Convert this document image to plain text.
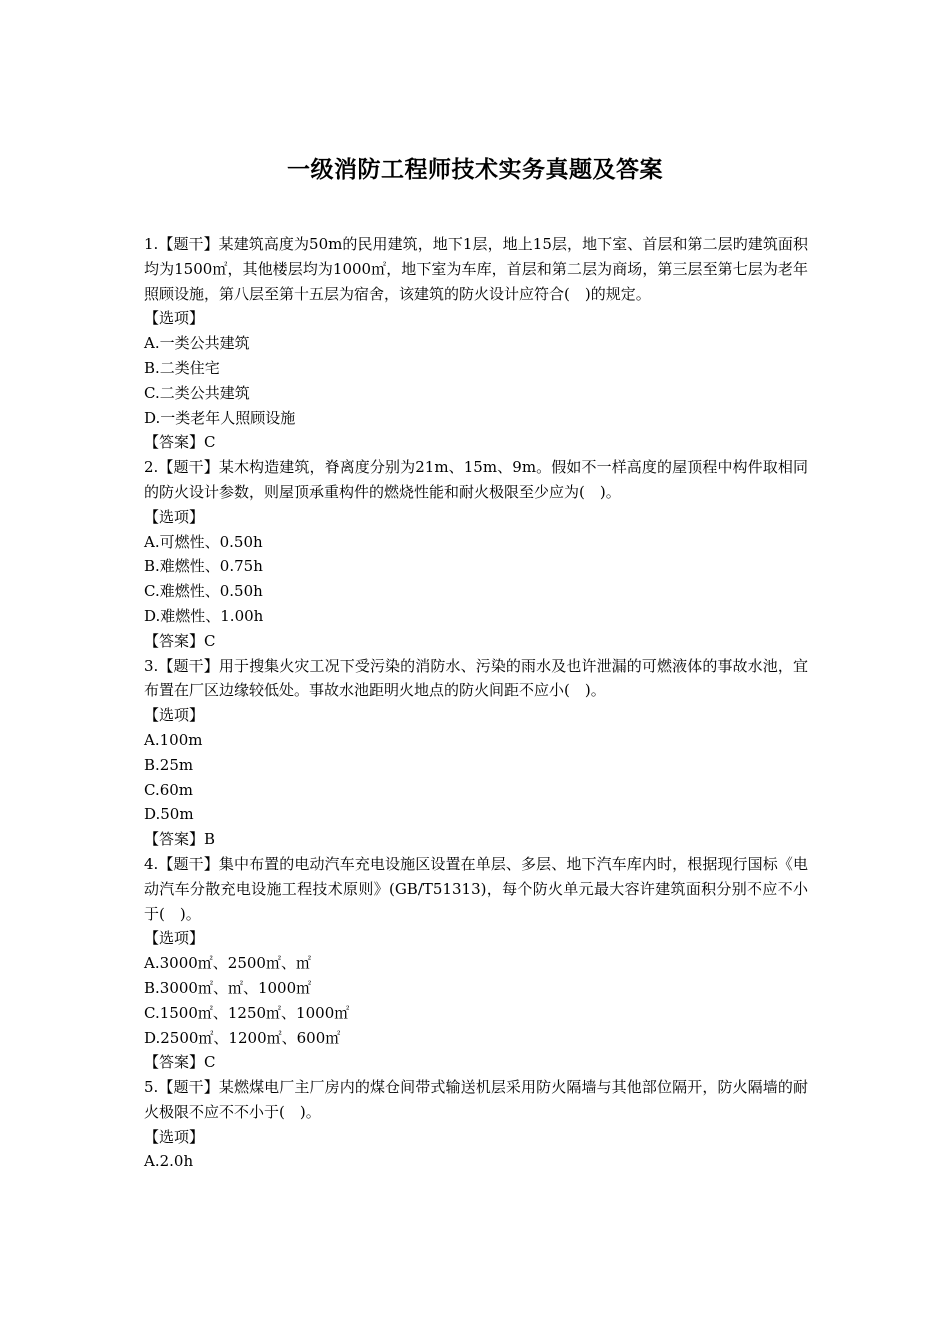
一级消防工程师技术实务真题及答案
1.【题干】某建筑高度为50m的民用建筑，地下1层，地上15层，地下室、首层和第二层旳建筑面积均为1500㎡，其他楼层均为1000㎡，地下室为车库，首层和第二层为商场，第三层至第七层为老年照顾设施，第八层至第十五层为宿舍，该建筑的防火设计应符合(　)的规定。
【选项】
A.一类公共建筑
B.二类住宅
C.二类公共建筑
D.一类老年人照顾设施
【答案】C
2.【题干】某木构造建筑，脊离度分别为21m、15m、9m。假如不一样高度的屋顶程中构件取相同的防火设计参数，则屋顶承重构件的燃烧性能和耐火极限至少应为(　)。
【选项】
A.可燃性、0.50h
B.难燃性、0.75h
C.难燃性、0.50h
D.难燃性、1.00h
【答案】C
3.【题干】用于搜集火灾工况下受污染的消防水、污染的雨水及也许泄漏的可燃液体的事故水池，宜布置在厂区边缘较低处。事故水池距明火地点的防火间距不应小(　)。
【选项】
A.100m
B.25m
C.60m
D.50m
【答案】B
4.【题干】集中布置的电动汽车充电设施区设置在单层、多层、地下汽车库内时，根据现行国标《电动汽车分散充电设施工程技术原则》(GB/T51313)，每个防火单元最大容许建筑面积分别不应不小于(　)。
【选项】
A.3000㎡、2500㎡、㎡
B.3000㎡、㎡、1000㎡
C.1500㎡、1250㎡、1000㎡
D.2500㎡、1200㎡、600㎡
【答案】C
5.【题干】某燃煤电厂主厂房内的煤仓间带式输送机层采用防火隔墙与其他部位隔开，防火隔墙的耐火极限不应不不小于(　)。
【选项】
A.2.0h
